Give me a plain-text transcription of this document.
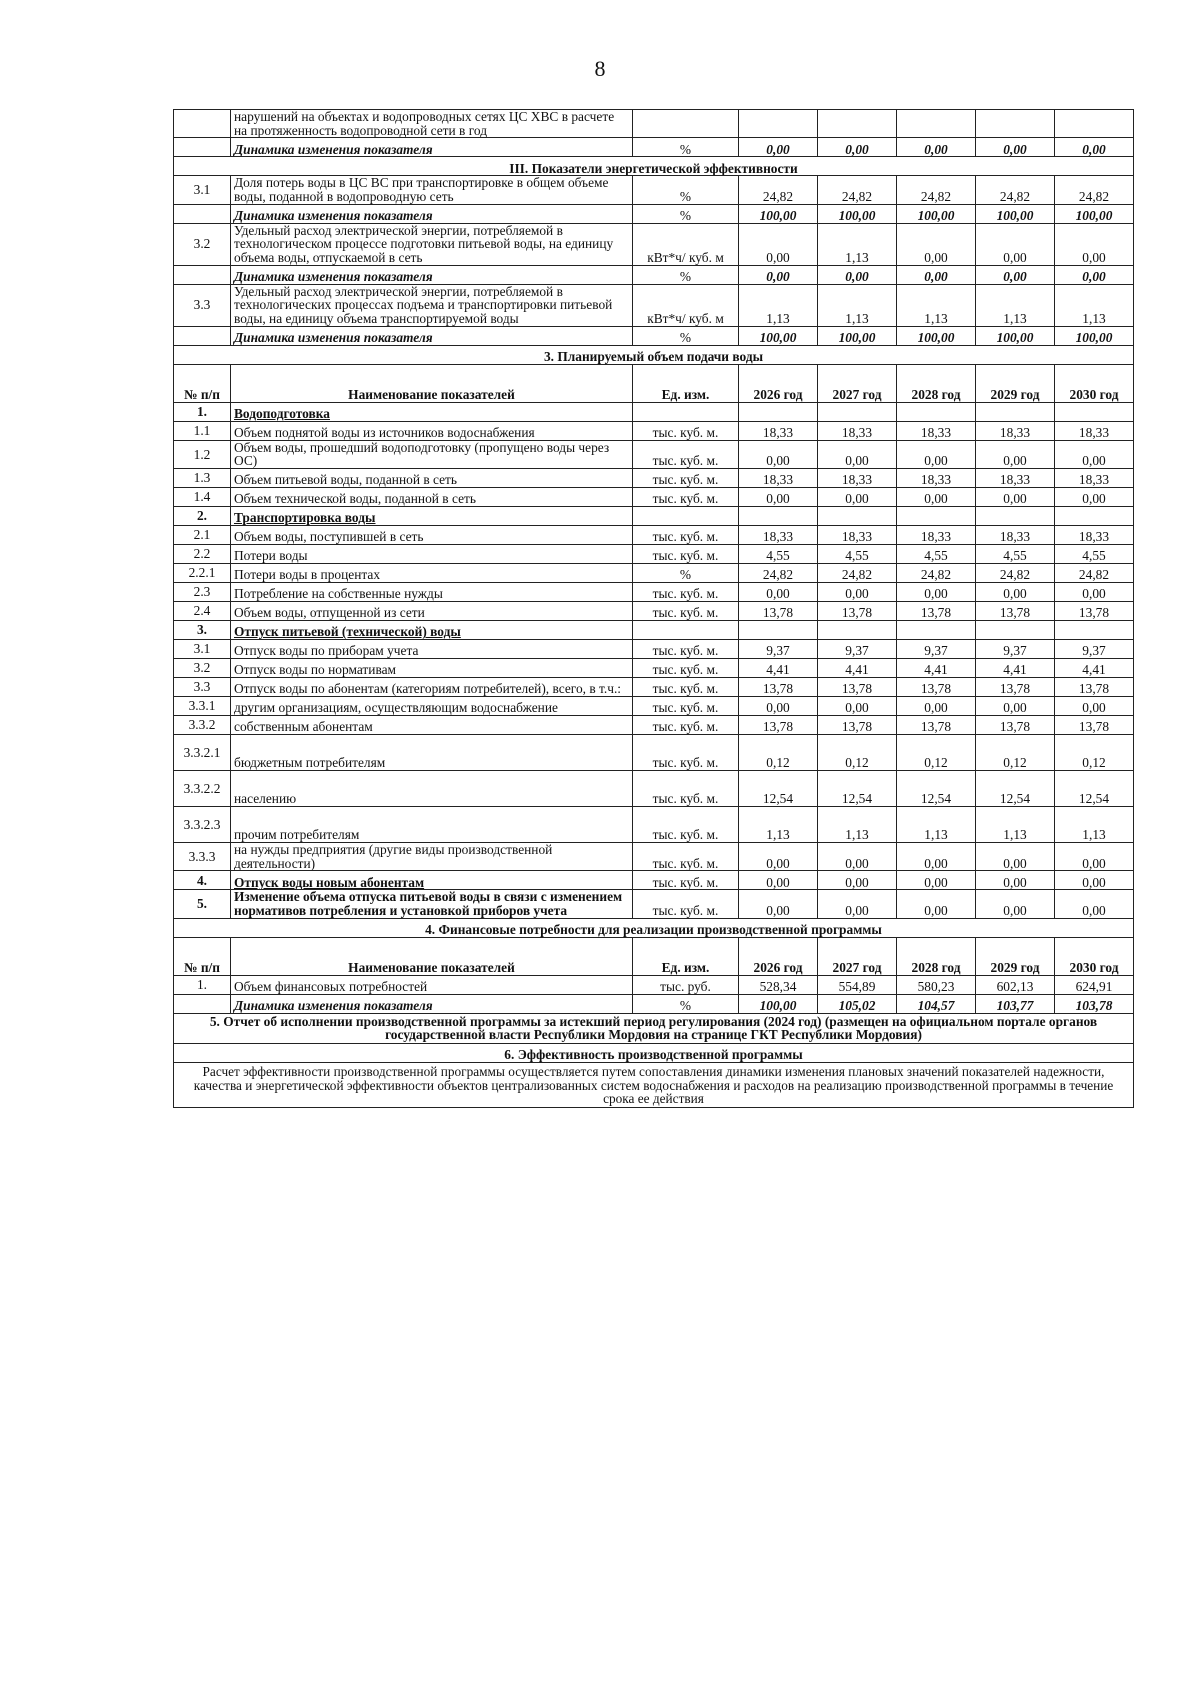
8
	нарушений на объектах и водопроводных сетях ЦС ХВС в расчете на протяженность водопроводной сети в год						
	Динамика изменения показателя	%	0,00	0,00	0,00	0,00	0,00
III. Показатели энергетической эффективности							
3.1	Доля потерь воды в ЦС ВС при транспортировке в общем объеме воды, поданной в водопроводную сеть	%	24,82	24,82	24,82	24,82	24,82
	Динамика изменения показателя	%	100,00	100,00	100,00	100,00	100,00
3.2	Удельный расход электрической энергии, потребляемой в технологическом процессе подготовки питьевой воды, на единицу объема воды, отпускаемой в сеть	кВт*ч/ куб. м	0,00	1,13	0,00	0,00	0,00
	Динамика изменения показателя	%	0,00	0,00	0,00	0,00	0,00
3.3	Удельный расход электрической энергии, потребляемой в технологических процессах подъема и транспортировки питьевой воды, на единицу объема транспортируемой воды	кВт*ч/ куб. м	1,13	1,13	1,13	1,13	1,13
	Динамика изменения показателя	%	100,00	100,00	100,00	100,00	100,00
3. Планируемый объем подачи воды							
№ п/п	Наименование показателей	Ед. изм.	2026 год	2027 год	2028 год	2029 год	2030 год
1.	Водоподготовка						
1.1	Объем поднятой воды из источников водоснабжения	тыс. куб. м.	18,33	18,33	18,33	18,33	18,33
1.2	Объем воды, прошедший водоподготовку (пропущено воды через ОС)	тыс. куб. м.	0,00	0,00	0,00	0,00	0,00
1.3	Объем питьевой воды, поданной в сеть	тыс. куб. м.	18,33	18,33	18,33	18,33	18,33
1.4	Объем технической воды, поданной в сеть	тыс. куб. м.	0,00	0,00	0,00	0,00	0,00
2.	Транспортировка воды						
2.1	Объем воды, поступившей в сеть	тыс. куб. м.	18,33	18,33	18,33	18,33	18,33
2.2	Потери воды	тыс. куб. м.	4,55	4,55	4,55	4,55	4,55
2.2.1	Потери воды в процентах	%	24,82	24,82	24,82	24,82	24,82
2.3	Потребление на собственные нужды	тыс. куб. м.	0,00	0,00	0,00	0,00	0,00
2.4	Объем воды, отпущенной из сети	тыс. куб. м.	13,78	13,78	13,78	13,78	13,78
3.	Отпуск питьевой (технической) воды						
3.1	Отпуск воды по приборам учета	тыс. куб. м.	9,37	9,37	9,37	9,37	9,37
3.2	Отпуск воды по нормативам	тыс. куб. м.	4,41	4,41	4,41	4,41	4,41
3.3	Отпуск воды по абонентам (категориям потребителей), всего, в т.ч.:	тыс. куб. м.	13,78	13,78	13,78	13,78	13,78
3.3.1	другим организациям, осуществляющим водоснабжение	тыс. куб. м.	0,00	0,00	0,00	0,00	0,00
3.3.2	собственным абонентам	тыс. куб. м.	13,78	13,78	13,78	13,78	13,78
3.3.2.1	бюджетным потребителям	тыс. куб. м.	0,12	0,12	0,12	0,12	0,12
3.3.2.2	населению	тыс. куб. м.	12,54	12,54	12,54	12,54	12,54
3.3.2.3	прочим потребителям	тыс. куб. м.	1,13	1,13	1,13	1,13	1,13
3.3.3	на нужды предприятия (другие виды производственной деятельности)	тыс. куб. м.	0,00	0,00	0,00	0,00	0,00
4.	Отпуск воды новым абонентам	тыс. куб. м.	0,00	0,00	0,00	0,00	0,00
5.	Изменение объема отпуска питьевой воды в связи с изменением нормативов потребления и установкой приборов учета	тыс. куб. м.	0,00	0,00	0,00	0,00	0,00
4. Финансовые потребности для реализации производственной программы							
№ п/п	Наименование показателей	Ед. изм.	2026 год	2027 год	2028 год	2029 год	2030 год
1.	Объем финансовых потребностей	тыс. руб.	528,34	554,89	580,23	602,13	624,91
	Динамика изменения показателя	%	100,00	105,02	104,57	103,77	103,78
5. Отчет об исполнении производственной программы за истекший период регулирования (2024 год) (размещен на официальном портале органов государственной власти Республики Мордовия на странице ГКТ Республики Мордовия)							
6. Эффективность производственной программы							
Расчет эффективности производственной программы осуществляется путем сопоставления динамики изменения плановых значений показателей надежности, качества и энергетической эффективности объектов централизованных систем водоснабжения и расходов на реализацию производственной программы в течение срока ее действия							
